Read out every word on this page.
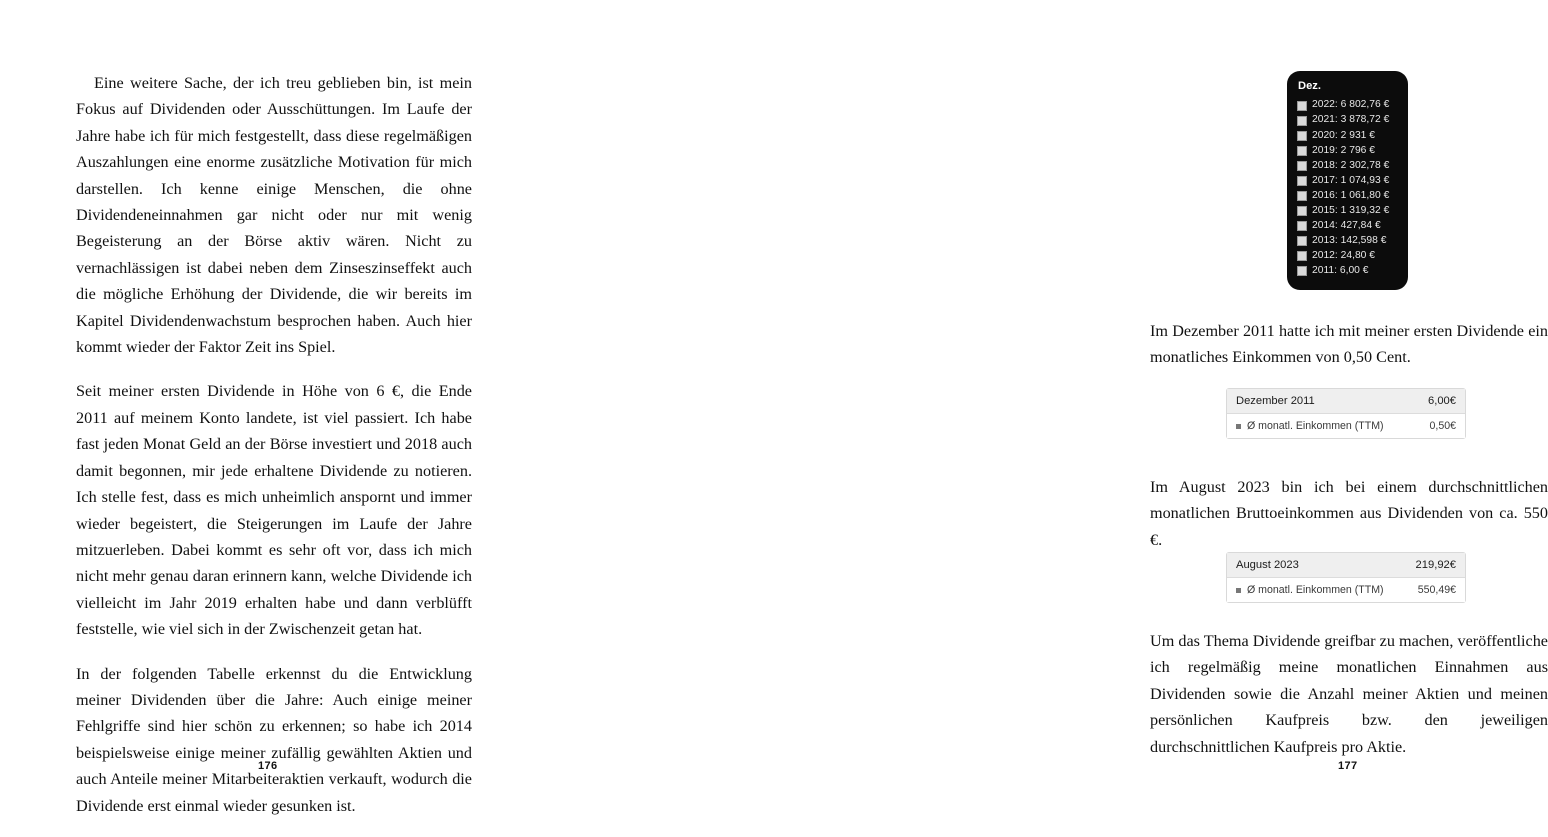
Eine weitere Sache, der ich treu geblieben bin, ist mein Fokus auf Dividenden oder Ausschüttungen. Im Laufe der Jahre habe ich für mich festgestellt, dass diese regelmäßigen Auszahlungen eine enorme zusätzliche Motivation für mich darstellen. Ich kenne einige Menschen, die ohne Dividendeneinnahmen gar nicht oder nur mit wenig Begeisterung an der Börse aktiv wären. Nicht zu vernachlässigen ist dabei neben dem Zinseszinseffekt auch die mögliche Erhöhung der Dividende, die wir bereits im Kapitel Dividendenwachstum besprochen haben. Auch hier kommt wieder der Faktor Zeit ins Spiel.

Seit meiner ersten Dividende in Höhe von 6 €, die Ende 2011 auf meinem Konto landete, ist viel passiert. Ich habe fast jeden Monat Geld an der Börse investiert und 2018 auch damit begonnen, mir jede erhaltene Dividende zu notieren. Ich stelle fest, dass es mich unheimlich anspornt und immer wieder begeistert, die Steigerungen im Laufe der Jahre mitzuerleben. Dabei kommt es sehr oft vor, dass ich mich nicht mehr genau daran erinnern kann, welche Dividende ich vielleicht im Jahr 2019 erhalten habe und dann verblüfft feststelle, wie viel sich in der Zwischenzeit getan hat.

In der folgenden Tabelle erkennst du die Entwicklung meiner Dividenden über die Jahre: Auch einige meiner Fehlgriffe sind hier schön zu erkennen; so habe ich 2014 beispielsweise einige meiner zufällig gewählten Aktien und auch Anteile meiner Mitarbeiteraktien verkauft, wodurch die Dividende erst einmal wieder gesunken ist.

176
Dez.
2022: 6 802,76 €
2021: 3 878,72 €
2020: 2 931 €
2019: 2 796 €
2018: 2 302,78 €
2017: 1 074,93 €
2016: 1 061,80 €
2015: 1 319,32 €
2014: 427,84 €
2013: 142,598 €
2012: 24,80 €
2011: 6,00 €

Im Dezember 2011 hatte ich mit meiner ersten Dividende ein monatliches Einkommen von 0,50 Cent.

Dezember 2011	6,00€
Ø monatl. Einkommen (TTM)	0,50€

Im August 2023 bin ich bei einem durchschnittlichen monatlichen Bruttoeinkommen aus Dividenden von ca. 550 €.

August 2023	219,92€
Ø monatl. Einkommen (TTM)	550,49€

Um das Thema Dividende greifbar zu machen, veröffentliche ich regelmäßig meine monatlichen Einnahmen aus Dividenden sowie die Anzahl meiner Aktien und meinen persönlichen Kaufpreis bzw. den jeweiligen durchschnittlichen Kaufpreis pro Aktie.

177
